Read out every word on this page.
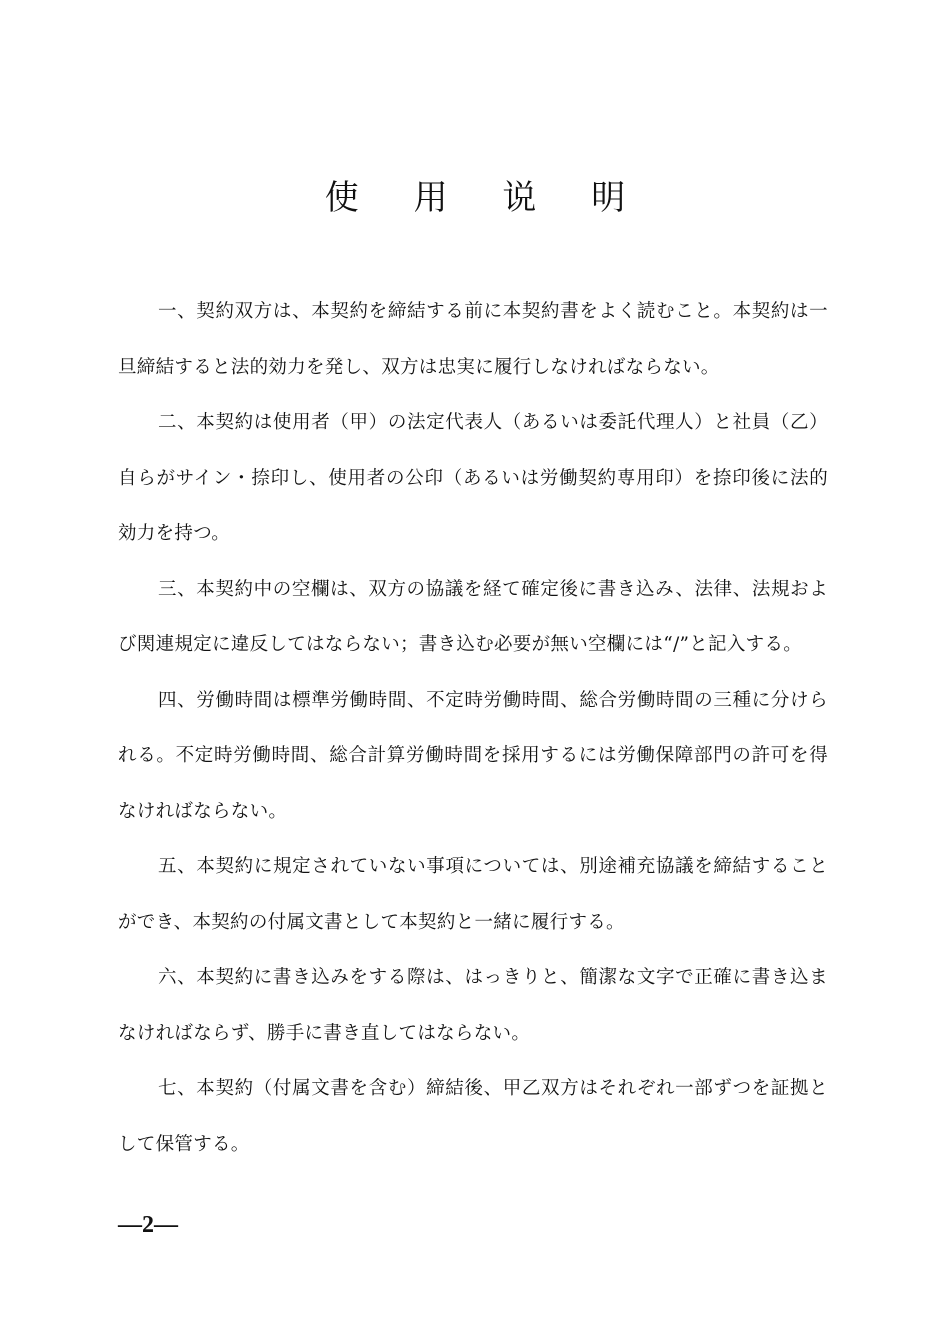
使 用 说 明

一、契約双方は、本契約を締結する前に本契約書をよく読むこと。本契約は一旦締結すると法的効力を発し、双方は忠実に履行しなければならない。

二、本契約は使用者（甲）の法定代表人（あるいは委託代理人）と社員（乙）自らがサイン・捺印し、使用者の公印（あるいは労働契約専用印）を捺印後に法的効力を持つ。

三、本契約中の空欄は、双方の協議を経て確定後に書き込み、法律、法規および関連規定に違反してはならない；書き込む必要が無い空欄には“/”と記入する。

四、労働時間は標準労働時間、不定時労働時間、総合労働時間の三種に分けられる。不定時労働時間、総合計算労働時間を採用するには労働保障部門の許可を得なければならない。

五、本契約に規定されていない事項については、別途補充協議を締結することができ、本契約の付属文書として本契約と一緒に履行する。

六、本契約に書き込みをする際は、はっきりと、簡潔な文字で正確に書き込まなければならず、勝手に書き直してはならない。

七、本契約（付属文書を含む）締結後、甲乙双方はそれぞれ一部ずつを証拠として保管する。

—2—
